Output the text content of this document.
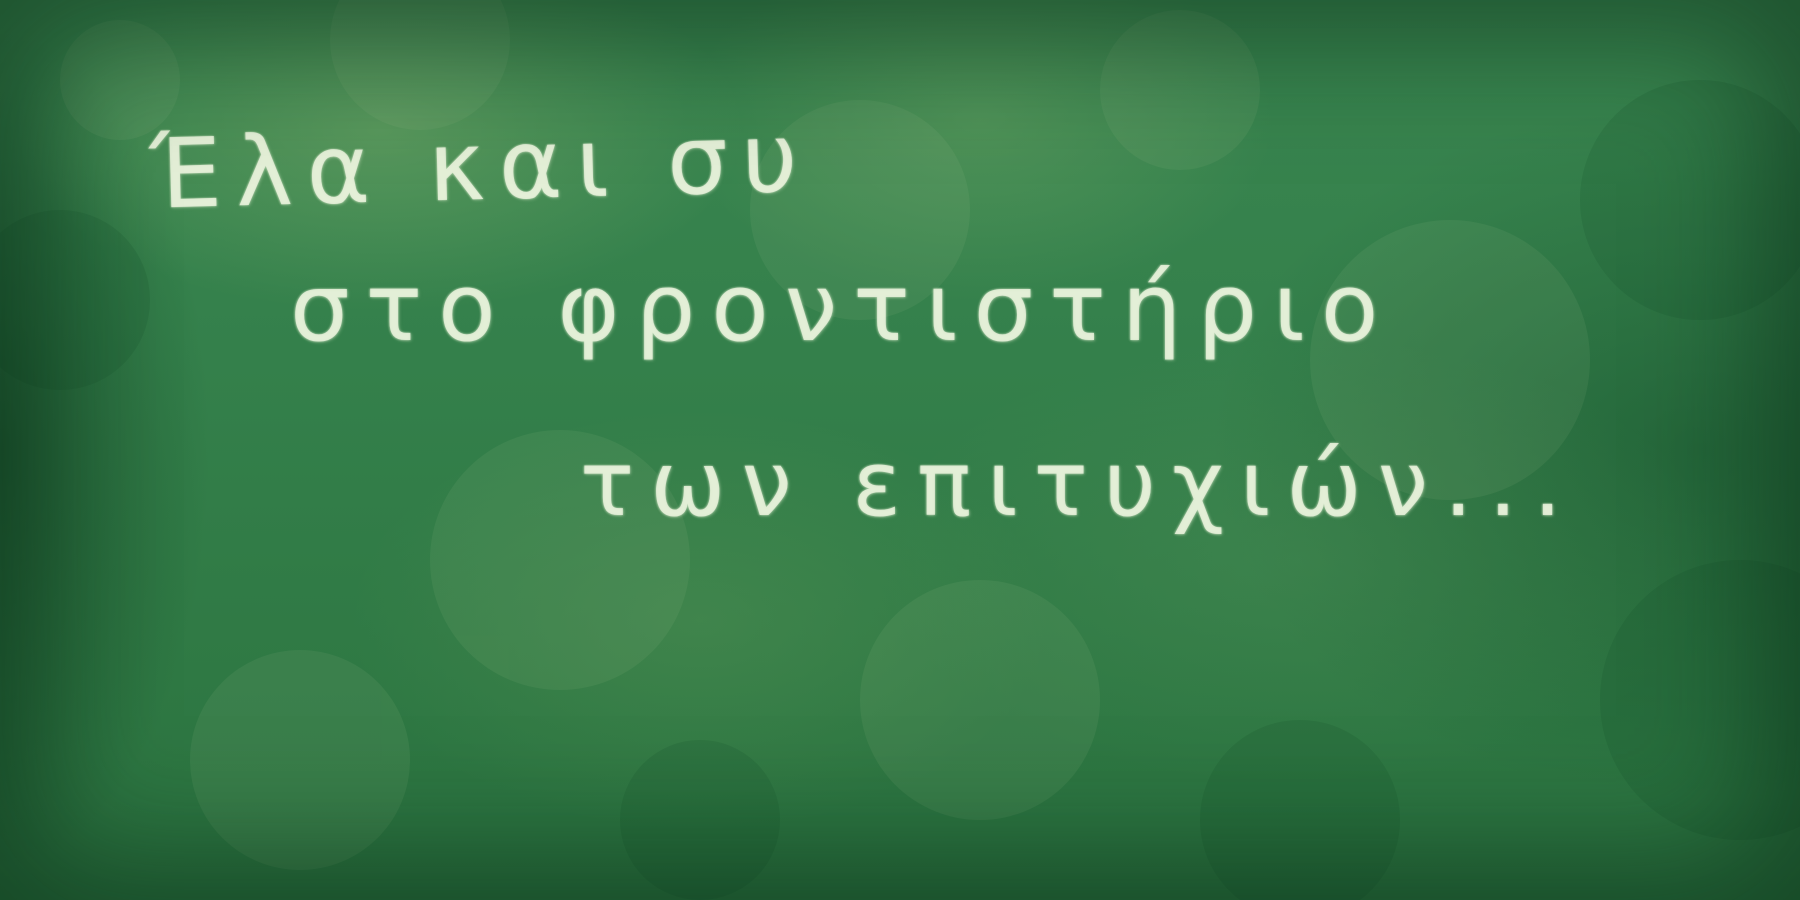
Έλα και συ

στο φροντιστήριο

των επιτυχιών...
